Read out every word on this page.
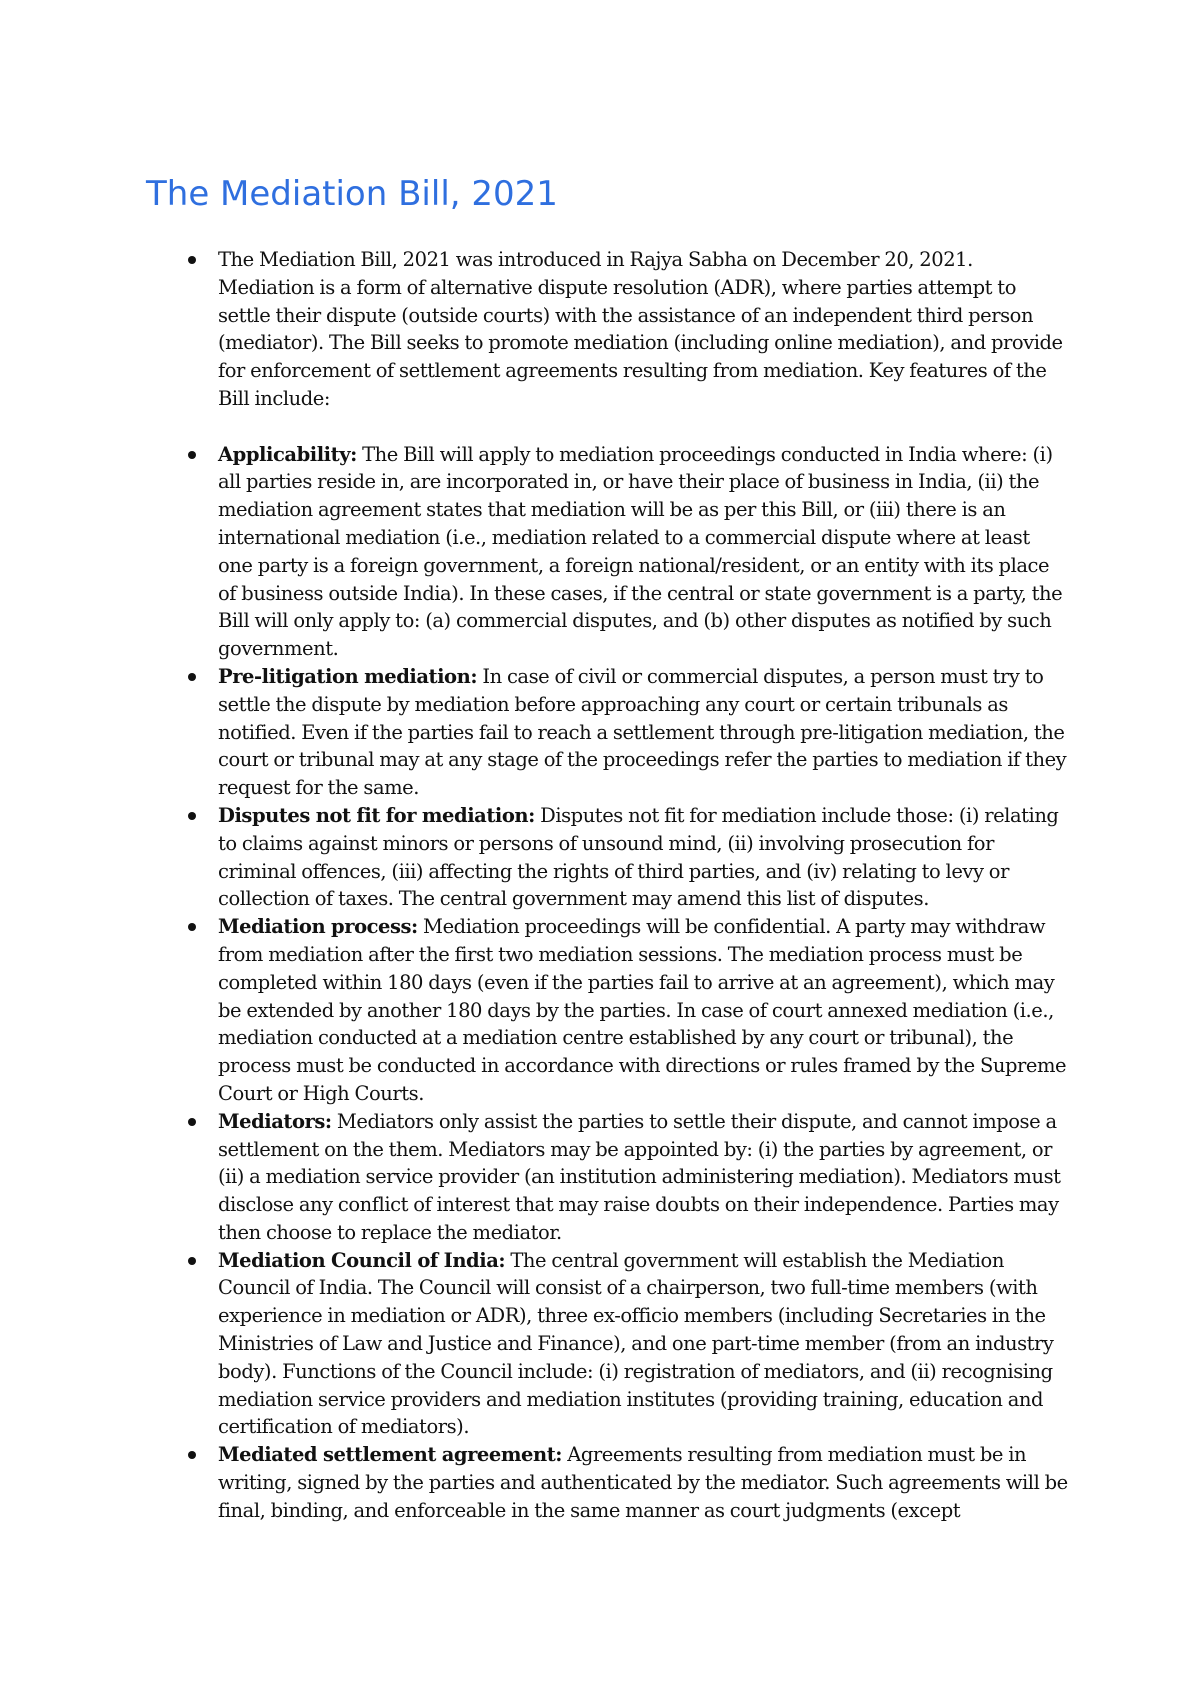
The Mediation Bill, 2021
The Mediation Bill, 2021 was introduced in Rajya Sabha on December 20, 2021. Mediation is a form of alternative dispute resolution (ADR), where parties attempt to settle their dispute (outside courts) with the assistance of an independent third person (mediator). The Bill seeks to promote mediation (including online mediation), and provide for enforcement of settlement agreements resulting from mediation. Key features of the Bill include:
Applicability: The Bill will apply to mediation proceedings conducted in India where: (i) all parties reside in, are incorporated in, or have their place of business in India, (ii) the mediation agreement states that mediation will be as per this Bill, or (iii) there is an international mediation (i.e., mediation related to a commercial dispute where at least one party is a foreign government, a foreign national/resident, or an entity with its place of business outside India). In these cases, if the central or state government is a party, the Bill will only apply to: (a) commercial disputes, and (b) other disputes as notified by such government.
Pre-litigation mediation: In case of civil or commercial disputes, a person must try to settle the dispute by mediation before approaching any court or certain tribunals as notified. Even if the parties fail to reach a settlement through pre-litigation mediation, the court or tribunal may at any stage of the proceedings refer the parties to mediation if they request for the same.
Disputes not fit for mediation: Disputes not fit for mediation include those: (i) relating to claims against minors or persons of unsound mind, (ii) involving prosecution for criminal offences, (iii) affecting the rights of third parties, and (iv) relating to levy or collection of taxes. The central government may amend this list of disputes.
Mediation process: Mediation proceedings will be confidential. A party may withdraw from mediation after the first two mediation sessions. The mediation process must be completed within 180 days (even if the parties fail to arrive at an agreement), which may be extended by another 180 days by the parties. In case of court annexed mediation (i.e., mediation conducted at a mediation centre established by any court or tribunal), the process must be conducted in accordance with directions or rules framed by the Supreme Court or High Courts.
Mediators: Mediators only assist the parties to settle their dispute, and cannot impose a settlement on the them. Mediators may be appointed by: (i) the parties by agreement, or (ii) a mediation service provider (an institution administering mediation). Mediators must disclose any conflict of interest that may raise doubts on their independence. Parties may then choose to replace the mediator.
Mediation Council of India: The central government will establish the Mediation Council of India. The Council will consist of a chairperson, two full-time members (with experience in mediation or ADR), three ex-officio members (including Secretaries in the Ministries of Law and Justice and Finance), and one part-time member (from an industry body). Functions of the Council include: (i) registration of mediators, and (ii) recognising mediation service providers and mediation institutes (providing training, education and certification of mediators).
Mediated settlement agreement: Agreements resulting from mediation must be in writing, signed by the parties and authenticated by the mediator. Such agreements will be final, binding, and enforceable in the same manner as court judgments (except
